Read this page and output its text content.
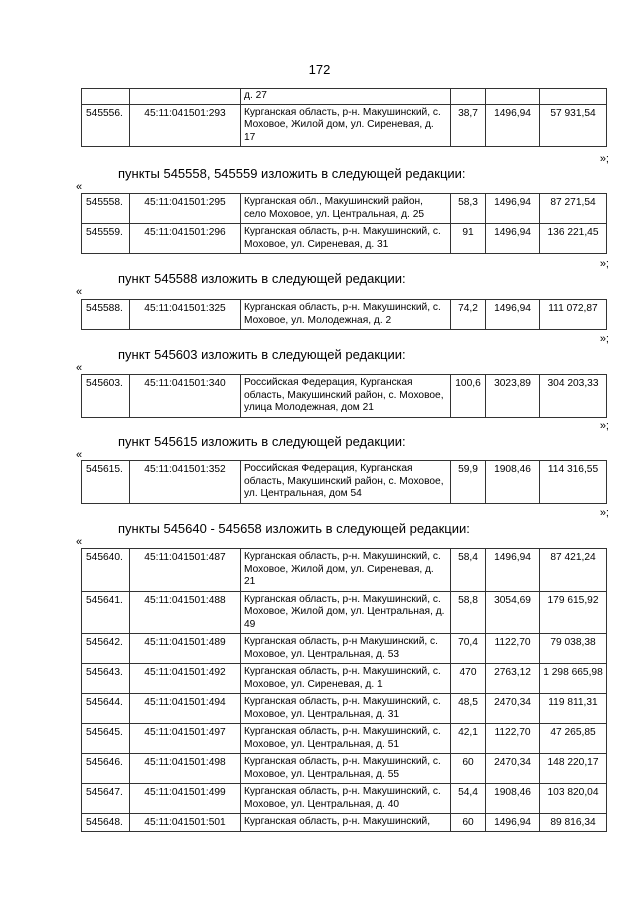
172
		д. 27			
545556.	45:11:041501:293	Курганская область, р-н. Макушинский, с. Моховое, Жилой дом, ул. Сиреневая, д. 17	38,7	1496,94	57 931,54
»;
пункты 545558, 545559 изложить в следующей редакции:
«
545558.	45:11:041501:295	Курганская обл., Макушинский район, село Моховое, ул. Центральная, д. 25	58,3	1496,94	87 271,54
545559.	45:11:041501:296	Курганская область, р-н. Макушинский, с. Моховое, ул. Сиреневая, д. 31	91	1496,94	136 221,45
»;
пункт 545588 изложить в следующей редакции:
«
545588.	45:11:041501:325	Курганская область, р-н. Макушинский, с. Моховое, ул. Молодежная, д. 2	74,2	1496,94	111 072,87
»;
пункт 545603 изложить в следующей редакции:
«
545603.	45:11:041501:340	Российская Федерация, Курганская область, Макушинский район, с. Моховое, улица Молодежная, дом 21	100,6	3023,89	304 203,33
»;
пункт 545615 изложить в следующей редакции:
«
545615.	45:11:041501:352	Российская Федерация, Курганская область, Макушинский район, с. Моховое, ул. Центральная, дом 54	59,9	1908,46	114 316,55
»;
пункты 545640 - 545658 изложить в следующей редакции:
«
545640.	45:11:041501:487	Курганская область, р-н. Макушинский, с. Моховое, Жилой дом, ул. Сиреневая, д. 21	58,4	1496,94	87 421,24
545641.	45:11:041501:488	Курганская область, р-н. Макушинский, с. Моховое, Жилой дом, ул. Центральная, д. 49	58,8	3054,69	179 615,92
545642.	45:11:041501:489	Курганская область, р-н Макушинский, с. Моховое, ул. Центральная, д. 53	70,4	1122,70	79 038,38
545643.	45:11:041501:492	Курганская область, р-н. Макушинский, с. Моховое, ул. Сиреневая, д. 1	470	2763,12	1 298 665,98
545644.	45:11:041501:494	Курганская область, р-н. Макушинский, с. Моховое, ул. Центральная, д. 31	48,5	2470,34	119 811,31
545645.	45:11:041501:497	Курганская область, р-н. Макушинский, с. Моховое, ул. Центральная, д. 51	42,1	1122,70	47 265,85
545646.	45:11:041501:498	Курганская область, р-н. Макушинский, с. Моховое, ул. Центральная, д. 55	60	2470,34	148 220,17
545647.	45:11:041501:499	Курганская область, р-н. Макушинский, с. Моховое, ул. Центральная, д. 40	54,4	1908,46	103 820,04
545648.	45:11:041501:501	Курганская область, р-н. Макушинский,	60	1496,94	89 816,34
